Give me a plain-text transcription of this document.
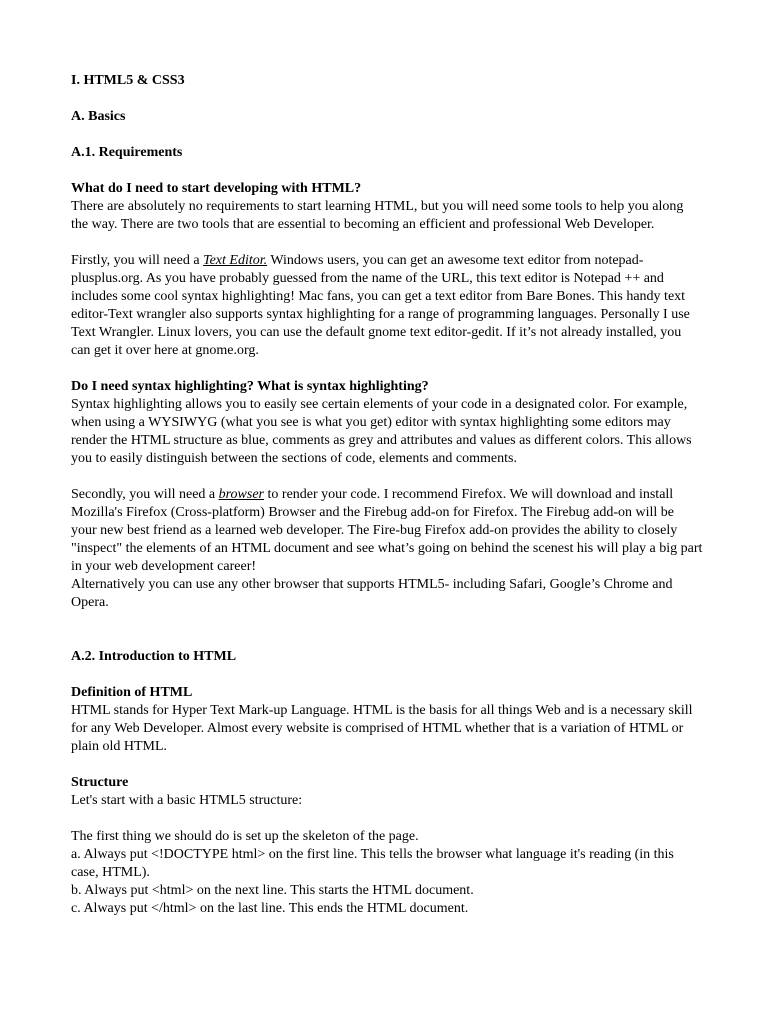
I. HTML5 & CSS3

A. Basics

A.1. Requirements

What do I need to start developing with HTML?

There are absolutely no requirements to start learning HTML, but you will need some tools to help you along the way. There are two tools that are essential to becoming an efficient and professional Web Developer.

Firstly, you will need a Text Editor. Windows users, you can get an awesome text editor from notepad-plusplus.org. As you have probably guessed from the name of the URL, this text editor is Notepad ++ and includes some cool syntax highlighting! Mac fans, you can get a text editor from Bare Bones. This handy text editor-Text wrangler also supports syntax highlighting for a range of programming languages. Personally I use Text Wrangler. Linux lovers, you can use the default gnome text editor-gedit. If it’s not already installed, you can get it over here at gnome.org.

Do I need syntax highlighting? What is syntax highlighting?

Syntax highlighting allows you to easily see certain elements of your code in a designated color. For example, when using a WYSIWYG (what you see is what you get) editor with syntax highlighting some editors may render the HTML structure as blue, comments as grey and attributes and values as different colors. This allows you to easily distinguish between the sections of code, elements and comments.

Secondly, you will need a browser to render your code. I recommend Firefox. We will download and install Mozilla's Firefox (Cross-platform) Browser and the Firebug add-on for Firefox. The Firebug add-on will be your new best friend as a learned web developer. The Fire-bug Firefox add-on provides the ability to closely "inspect" the elements of an HTML document and see what’s going on behind the scenest his will play a big part in your web development career!

Alternatively you can use any other browser that supports HTML5- including Safari, Google’s Chrome and Opera.

A.2. Introduction to HTML

Definition of HTML

HTML stands for Hyper Text Mark-up Language. HTML is the basis for all things Web and is a necessary skill for any Web Developer. Almost every website is comprised of HTML whether that is a variation of HTML or plain old HTML.

Structure

Let's start with a basic HTML5 structure:

The first thing we should do is set up the skeleton of the page.

a. Always put <!DOCTYPE html> on the first line. This tells the browser what language it's reading (in this case, HTML).

b. Always put <html> on the next line. This starts the HTML document.

c. Always put </html> on the last line. This ends the HTML document.
